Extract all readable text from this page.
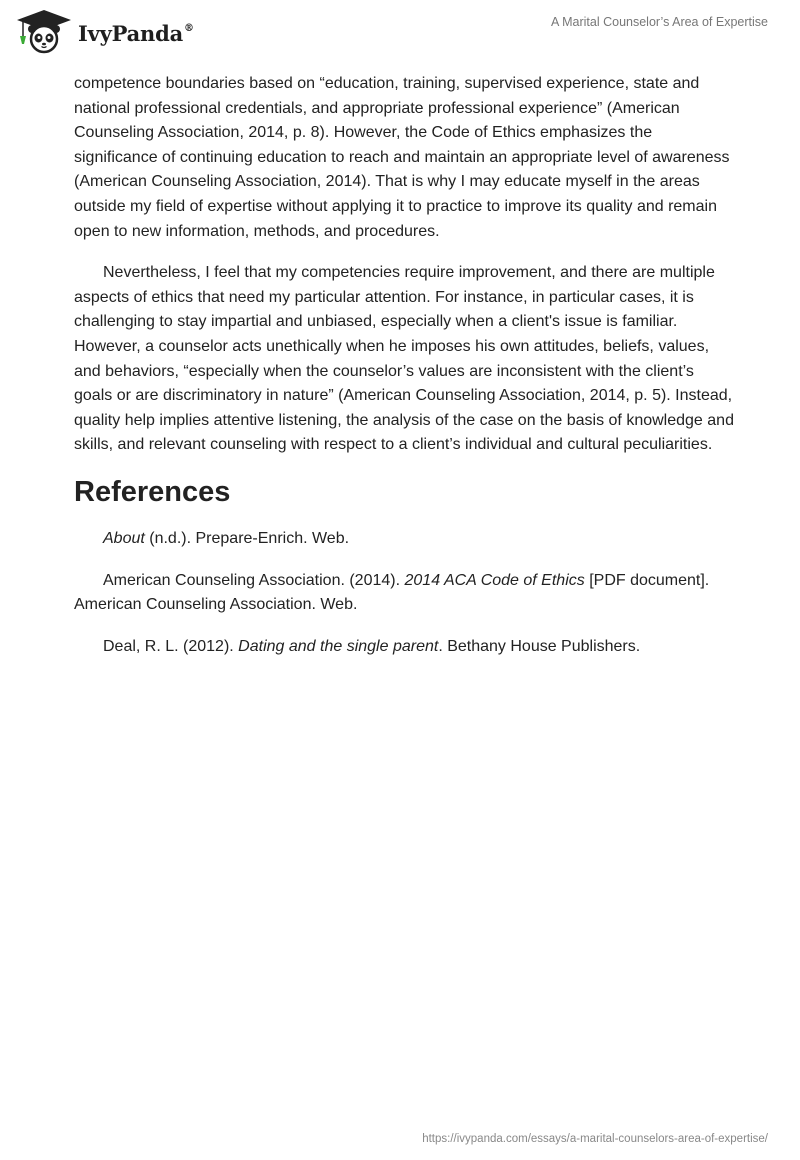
IvyPanda®	A Marital Counselor’s Area of Expertise

competence boundaries based on “education, training, supervised experience, state and national professional credentials, and appropriate professional experience” (American Counseling Association, 2014, p. 8). However, the Code of Ethics emphasizes the significance of continuing education to reach and maintain an appropriate level of awareness (American Counseling Association, 2014). That is why I may educate myself in the areas outside my field of expertise without applying it to practice to improve its quality and remain open to new information, methods, and procedures.

Nevertheless, I feel that my competencies require improvement, and there are multiple aspects of ethics that need my particular attention. For instance, in particular cases, it is challenging to stay impartial and unbiased, especially when a client's issue is familiar. However, a counselor acts unethically when he imposes his own attitudes, beliefs, values, and behaviors, “especially when the counselor’s values are inconsistent with the client’s goals or are discriminatory in nature” (American Counseling Association, 2014, p. 5). Instead, quality help implies attentive listening, the analysis of the case on the basis of knowledge and skills, and relevant counseling with respect to a client’s individual and cultural peculiarities.

References

About (n.d.). Prepare-Enrich. Web.

American Counseling Association. (2014). 2014 ACA Code of Ethics [PDF document]. American Counseling Association. Web.

Deal, R. L. (2012). Dating and the single parent. Bethany House Publishers.

https://ivypanda.com/essays/a-marital-counselors-area-of-expertise/
